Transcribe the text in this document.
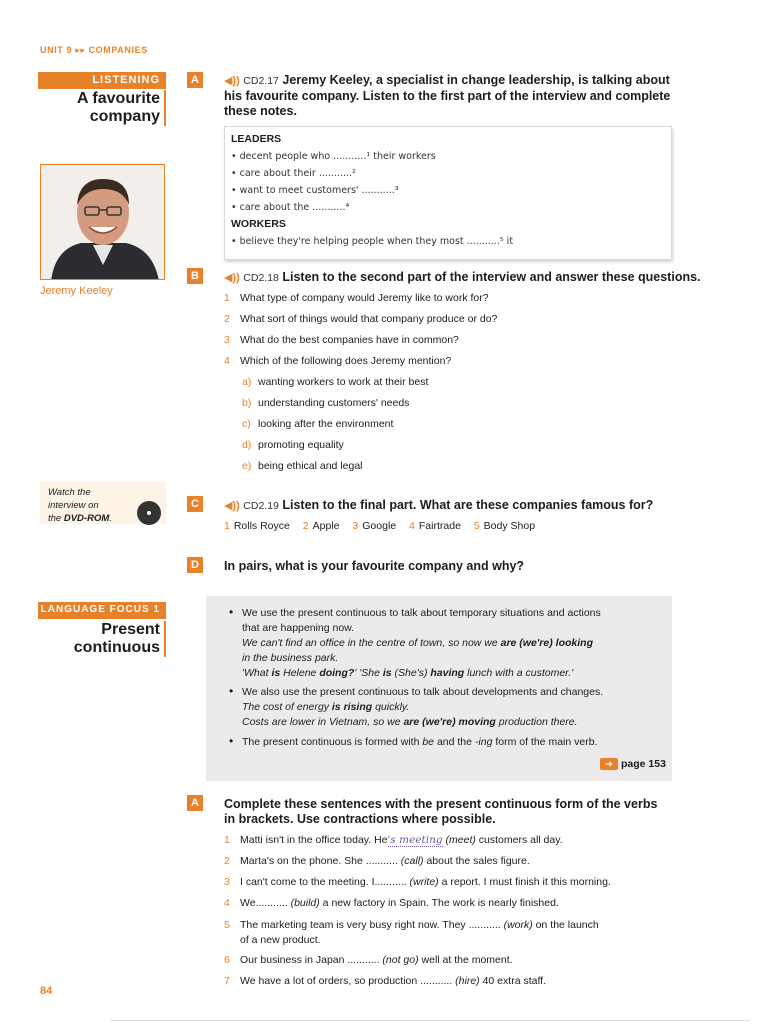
UNIT 9 ▸▸ COMPANIES
LISTENING
A favourite
company
Jeremy Keeley
A	◀)) CD2.17 Jeremy Keeley, a specialist in change leadership, is talking about
his favourite company. Listen to the first part of the interview and complete
these notes.
LEADERS
• decent people who ...........¹ their workers
• care about their ...........²
• want to meet customers' ...........³
• care about the ...........⁴
WORKERS
• believe they're helping people when they most ...........⁵ it
B	◀)) CD2.18 Listen to the second part of the interview and answer these questions.
1 What type of company would Jeremy like to work for?
2 What sort of things would that company produce or do?
3 What do the best companies have in common?
4 Which of the following does Jeremy mention?
a) wanting workers to work at their best
b) understanding customers' needs
c) looking after the environment
d) promoting equality
e) being ethical and legal
Watch the
interview on
the DVD-ROM.
C	◀)) CD2.19 Listen to the final part. What are these companies famous for?
1 Rolls Royce 2 Apple 3 Google 4 Fairtrade 5 Body Shop
D	In pairs, what is your favourite company and why?
LANGUAGE FOCUS 1
Present
continuous
• We use the present continuous to talk about temporary situations and actions
that are happening now.
We can't find an office in the centre of town, so now we are (we're) looking
in the business park.
'What is Helene doing?' 'She is (She's) having lunch with a customer.'
• We also use the present continuous to talk about developments and changes.
The cost of energy is rising quickly.
Costs are lower in Vietnam, so we are (we're) moving production there.
• The present continuous is formed with be and the -ing form of the main verb.
➔ page 153
A	Complete these sentences with the present continuous form of the verbs
in brackets. Use contractions where possible.
1 Matti isn't in the office today. He's meeting (meet) customers all day.
2 Marta's on the phone. She ........... (call) about the sales figure.
3 I can't come to the meeting. I........... (write) a report. I must finish it this morning.
4 We........... (build) a new factory in Spain. The work is nearly finished.
5 The marketing team is very busy right now. They ........... (work) on the launch
of a new product.
6 Our business in Japan ........... (not go) well at the moment.
7 We have a lot of orders, so production ........... (hire) 40 extra staff.
84
